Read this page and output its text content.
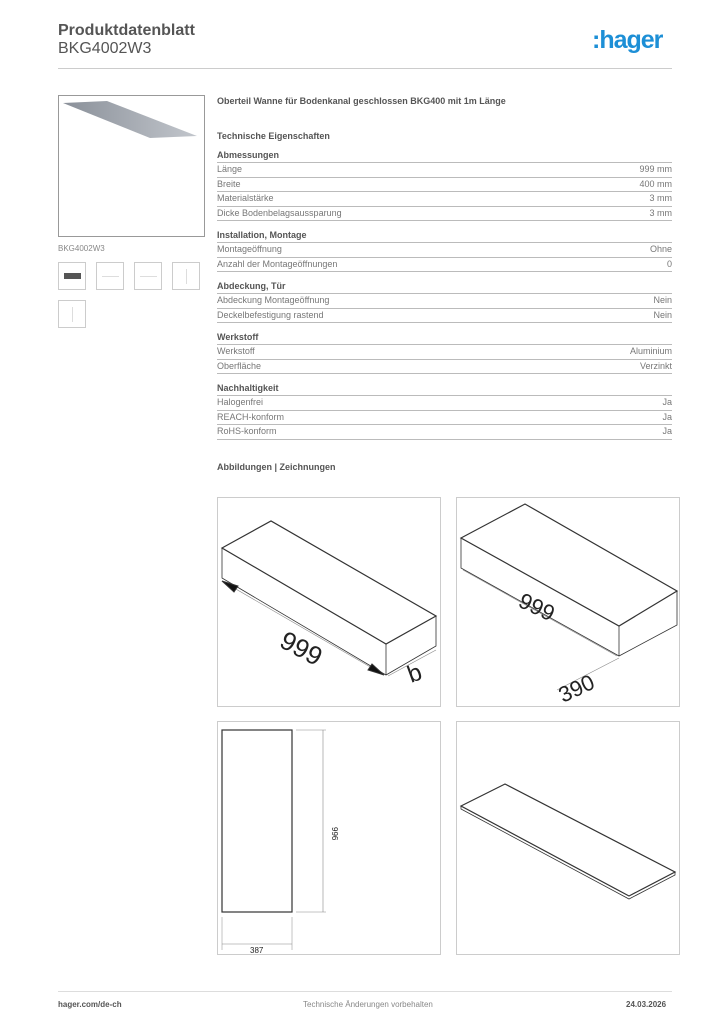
Produktdatenblatt
BKG4002W3	:hager
BKG4002W3
Oberteil Wanne für Bodenkanal geschlossen BKG400 mit 1m Länge
Technische Eigenschaften
Abmessungen
Länge	999 mm
Breite	400 mm
Materialstärke	3 mm
Dicke Bodenbelagsaussparung	3 mm
Installation, Montage
Montageöffnung	Ohne
Anzahl der Montageöffnungen	0
Abdeckung, Tür
Abdeckung Montageöffnung	Nein
Deckelbefestigung rastend	Nein
Werkstoff
Werkstoff	Aluminium
Oberfläche	Verzinkt
Nachhaltigkeit
Halogenfrei	Ja
REACH-konform	Ja
RoHS-konform	Ja
Abbildungen | Zeichnungen
999
b
999
390
996
387
hager.com/de-ch	Technische Änderungen vorbehalten	24.03.2026
